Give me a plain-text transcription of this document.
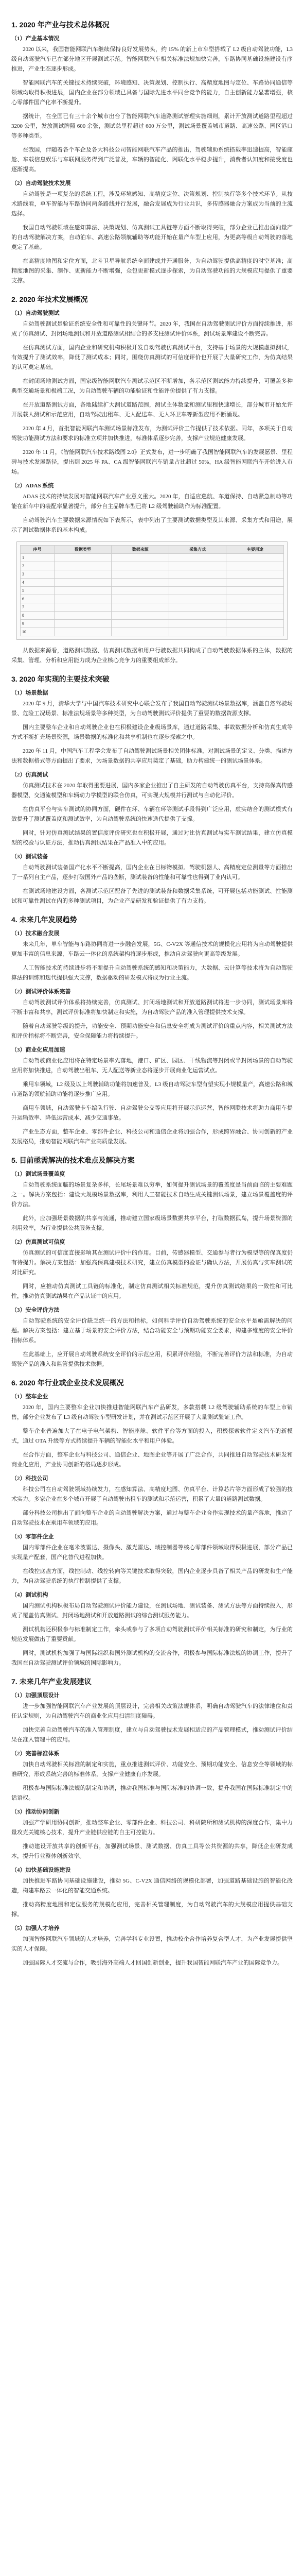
1. 2020 年产业与技术总体概况
（1）产业基本情况

2020 以来，我国智能网联汽车继续保持良好发展势头，约 15% 的新上市车型搭载了 L2 级自动驾驶功能，L3 级自动驾驶汽车已在部分地区开展测试示范。智能网联汽车相关标准法规加快完善，车路协同基础设施建设有序推进，产业生态逐步形成。

智能网联汽车的关键技术持续突破，环境感知、决策规划、控制执行、高精度地图与定位、车路协同通信等领域均取得积极进展，国内企业在部分领域已具备与国际先进水平同台竞争的能力，自主创新能力显著增强，核心零部件国产化率不断提升。

据统计，在全国已有三十余个城市出台了智能网联汽车道路测试管理实施细则，累计开放测试道路里程超过 3200 公里，发放测试牌照 600 余张，测试总里程超过 600 万公里，测试场景覆盖城市道路、高速公路、园区港口等多种类型。

在我国，伴随着各个车企及各大科技公司智能网联汽车产品的推出，驾驶辅助系统搭载率迅速提高，智能座舱、车载信息娱乐与车联网服务得到广泛普及，车辆的智能化、网联化水平稳步提升，消费者认知度和接受度也逐渐提高。

（2）自动驾驶技术发展

自动驾驶是一项复杂的系统工程，涉及环境感知、高精度定位、决策规划、控制执行等多个技术环节。从技术路线看，单车智能与车路协同两条路线并行发展，融合发展成为行业共识，多传感器融合方案成为当前的主流选择。

我国自动驾驶领域在感知算法、决策规划、仿真测试工具链等方面不断取得突破，部分企业已推出面向量产的自动驾驶解决方案，自动泊车、高速公路领航辅助等功能开始在量产车型上应用，为更高等级自动驾驶的落地奠定了基础。

在高精度地图和定位方面，北斗卫星导航系统全面建成并开通服务，为自动驾驶提供高精度的时空基准；高精度地图的采集、制作、更新能力不断增强，众包更新模式逐步探索，为自动驾驶功能的大规模应用提供了重要支撑。

2. 2020 年技术发展概况
（1）自动驾驶测试

自动驾驶测试是验证系统安全性和可靠性的关键环节。2020 年，我国在自动驾驶测试评价方面持续推进，形成了仿真测试、封闭场地测试和开放道路测试相结合的多支柱测试评价体系，测试场景库建设不断完善。

在仿真测试方面，国内企业和研究机构积极开发自动驾驶仿真测试平台，支持基于场景的大规模虚拟测试，有效提升了测试效率，降低了测试成本；同时，围绕仿真测试的可信度评价也开展了大量研究工作，为仿真结果的认可奠定基础。

在封闭场地测试方面，国家级智能网联汽车测试示范区不断增加，各示范区测试能力持续提升，可覆盖多种典型交通场景和极端工况，为自动驾驶车辆的功能验证和性能评价提供了有力支撑。

在开放道路测试方面，各地陆续扩大测试道路范围，测试主体数量和测试里程快速增长，部分城市开始允许开展载人测试和示范应用，自动驾驶出租车、无人配送车、无人环卫车等新型应用不断涌现。

2020 年 4 月，首批智能网联汽车测试场景标准发布，为测试评价工作提供了技术依据。同年，多项关于自动驾驶功能测试方法和要求的标准立项并加快推进，标准体系逐步完善，支撑产业规范健康发展。

2020 年 11 月，《智能网联汽车技术路线图 2.0》正式发布，进一步明确了我国智能网联汽车的发展愿景、里程碑与技术发展路径，提出到 2025 年 PA、CA 级智能网联汽车销量占比超过 50%，HA 级智能网联汽车开始进入市场。

（2）ADAS 系统

ADAS 技术的持续发展对智能网联汽车产业意义重大。2020 年，自适应巡航、车道保持、自动紧急制动等功能在新车中的装配率显著提升，部分自主品牌车型已将 L2 级驾驶辅助作为标准配置。

自动驾驶汽车主要数据来源情况如下表所示，表中列出了主要测试数据类型及其来源、采集方式和用途，展示了测试数据体系的基本构成。

序号	数据类型	数据来源	采集方式	主要用途
1				
2				
3				
4				
5				
6				
7				
8				
9				
10				

从数据来源看，道路测试数据、仿真测试数据和用户行驶数据共同构成了自动驾驶数据体系的主体，数据的采集、管理、分析和应用能力成为企业核心竞争力的重要组成部分。

3. 2020 年实现的主要技术突破
（1）场景数据

2020 年 9 月，清华大学与中国汽车技术研究中心联合发布了我国自动驾驶测试场景数据库，涵盖自然驾驶场景、危险工况场景、标准法规场景等多种类型，为自动驾驶测试评价提供了重要的数据资源支撑。

国内主要整车企业和自动驾驶企业也在积极建设企业级场景库，通过道路采集、事故数据分析和仿真生成等方式不断扩充场景资源，场景数据的标准化和共享机制也在逐步探索之中。

2020 年 11 月，中国汽车工程学会发布了自动驾驶测试场景相关团体标准，对测试场景的定义、分类、描述方法和数据格式等方面提出了要求，为场景数据的共享应用奠定了基础，助力构建统一的测试场景体系。

（2）仿真测试

仿真测试技术在 2020 年取得重要进展，国内多家企业推出了自主研发的自动驾驶仿真平台，支持高保真传感器模型、交通流模型和车辆动力学模型的联合仿真，可实现大规模并行测试与自动化评价。

在仿真平台与实车测试的协同方面，硬件在环、车辆在环等测试手段得到广泛应用，虚实结合的测试模式有效提升了测试覆盖度和测试效率，为自动驾驶系统的快速迭代提供了支撑。

同时，针对仿真测试结果的置信度评价研究也在积极开展，通过对比仿真测试与实车测试结果，建立仿真模型的校验与认证方法，推动仿真测试结果在产品准入中的应用。

（3）测试装备

自动驾驶测试装备国产化水平不断提高，国内企业在目标物模拟、驾驶机器人、高精度定位测量等方面推出了一系列自主产品，逐步打破国外产品的垄断，测试装备的性能和可靠性也得到了业内认可。

在测试场地建设方面，各测试示范区配备了先进的测试装备和数据采集系统，可开展包括功能测试、性能测试和可靠性测试在内的多种测试项目，为企业产品研发和验证提供了有力支持。

4. 未来几年发展趋势
（1）技术融合发展

未来几年，单车智能与车路协同将进一步融合发展，5G、C-V2X 等通信技术的规模化应用将为自动驾驶提供更加丰富的信息来源，车路云一体化的系统架构将逐步形成，推动自动驾驶向更高等级发展。

人工智能技术的持续进步将不断提升自动驾驶系统的感知和决策能力，大数据、云计算等技术将为自动驾驶算法的训练和迭代提供强大支撑，数据驱动的研发模式将成为行业主流。

（2）测试评价体系完善

自动驾驶测试评价体系将持续完善，仿真测试、封闭场地测试和开放道路测试将进一步协同，测试场景库将不断丰富和共享，测试评价标准将加快制定和实施，为自动驾驶产品的准入管理提供技术支撑。

随着自动驾驶等级的提升，功能安全、预期功能安全和信息安全将成为测试评价的重点内容，相关测试方法和评价指标将不断完善，安全保障能力将持续提升。

（3）商业化应用加速

自动驾驶商业化应用将在特定场景率先落地，港口、矿区、园区、干线物流等封闭或半封闭场景的自动驾驶应用将加快推进，自动驾驶出租车、无人配送等新业态将逐步开展商业化运营试点。

乘用车领域，L2 级及以上驾驶辅助功能将加速普及，L3 级自动驾驶车型有望实现小规模量产，高速公路和城市道路的领航辅助功能将逐步推广应用。

商用车领域，自动驾驶卡车编队行驶、自动驾驶公交等应用将开展示范运营，智能网联技术将助力商用车提升运输效率、降低运营成本、减少交通事故。

产业生态方面，整车企业、零部件企业、科技公司和通信企业将加强合作，形成跨界融合、协同创新的产业发展格局，推动智能网联汽车产业高质量发展。

5. 目前亟需解决的技术难点及解决方案
（1）测试场景覆盖度

自动驾驶系统面临的场景复杂多样，长尾场景难以穷举，如何提升测试场景的覆盖度是当前面临的主要难题之一。解决方案包括：建设大规模场景数据库，利用人工智能技术自动生成关键测试场景，建立场景覆盖度的评价方法。

此外，应加强场景数据的共享与流通，推动建立国家级场景数据共享平台，打破数据孤岛，提升场景资源的利用效率，为行业提供公共服务支撑。

（2）仿真测试可信度

仿真测试的可信度直接影响其在测试评价中的作用。目前，传感器模型、交通参与者行为模型等的保真度仍有待提升。解决方案包括：加强高保真建模技术研究，建立仿真模型的验证与确认方法，开展仿真与实车测试的对比研究。

同时，应推动仿真测试工具链的标准化，制定仿真测试相关标准规范，提升仿真测试结果的一致性和可比性，推动仿真测试结果在产品认证中的应用。

（3）安全评价方法

自动驾驶系统的安全评价缺乏统一的方法和指标，如何科学评价自动驾驶系统的安全水平是亟需解决的问题。解决方案包括：建立基于场景的安全评价方法，结合功能安全与预期功能安全要求，构建多维度的安全评价指标体系。

在此基础上，应开展自动驾驶系统安全评价的示范应用，积累评价经验，不断完善评价方法和标准，为自动驾驶产品的准入和监管提供技术依据。

6. 2020 年行业或企业技术发展概况
（1）整车企业

2020 年，国内主要整车企业加快推进智能网联汽车产品研发，多款搭载 L2 级驾驶辅助系统的车型上市销售，部分企业发布了 L3 级自动驾驶车型研发计划，并在测试示范区开展了大量测试验证工作。

整车企业普遍加大了在电子电气架构、智能座舱、软件平台等方面的投入，积极探索软件定义汽车的新模式，通过 OTA 升级等方式持续提升车辆的智能化水平和用户体验。

在合作方面，整车企业与科技公司、通信企业、地图企业等开展了广泛合作，共同推进自动驾驶技术研发和商业化应用，产业协同创新的格局逐步形成。

（2）科技公司

科技公司在自动驾驶领域持续发力，在感知算法、高精度地图、仿真平台、计算芯片等方面形成了较强的技术实力。多家企业在多个城市开展了自动驾驶出租车的测试和示范运营，积累了大量的道路测试数据。

部分科技公司推出了面向整车企业的自动驾驶解决方案，通过与整车企业合作实现技术的量产落地，推动了自动驾驶技术在乘用车领域的应用。

（3）零部件企业

国内零部件企业在毫米波雷达、摄像头、激光雷达、域控制器等核心零部件领域取得积极进展，部分产品已实现量产配套，国产化替代进程加快。

在线控底盘方面，线控制动、线控转向等关键技术取得突破，国内企业逐步具备了相关产品的研发和生产能力，为自动驾驶系统的执行控制提供了支撑。

（4）测试机构

国内测试机构积极布局自动驾驶测试评价能力建设，在测试场地、测试装备、测试方法等方面持续投入，形成了覆盖仿真测试、封闭场地测试和开放道路测试的综合测试服务能力。

测试机构还积极参与标准制定工作，牵头或参与了多项自动驾驶测试评价相关标准的研究和制定，为行业的规范发展做出了重要贡献。

同时，测试机构加强了与国际组织和国外测试机构的交流合作，积极参与国际标准法规的协调工作，提升了我国在自动驾驶测试评价领域的国际影响力。

7. 未来几年产业发展建议
（1）加强顶层设计

进一步加强智能网联汽车产业发展的顶层设计，完善相关政策法规体系，明确自动驾驶汽车的法律地位和责任认定规则，为自动驾驶汽车的商业化应用扫清制度障碍。

加快完善自动驾驶汽车的准入管理制度，建立与自动驾驶技术发展相适应的产品管理模式，推动测试评价结果在准入管理中的应用。

（2）完善标准体系

加快自动驾驶相关标准的制定和实施，重点推进测试评价、功能安全、预期功能安全、信息安全等领域的标准研究，形成系统完善的标准体系，支撑产业健康有序发展。

积极参与国际标准法规的制定和协调，推动我国标准与国际标准的协调一致，提升我国在国际标准制定中的话语权。

（3）推动协同创新

加强产学研用协同创新，推动整车企业、零部件企业、科技公司、科研院所和测试机构的深度合作，集中力量攻克关键核心技术，提升产业链供应链的自主可控能力。

推动建设开放共享的创新平台，加强测试场景、测试数据、仿真工具等公共资源的共享，降低企业研发成本，提升行业整体创新效率。

（4）加快基础设施建设

加快推进车路协同基础设施建设，推动 5G、C-V2X 通信网络的规模化部署，加强道路基础设施的智能化改造，构建车路云一体化的智能交通系统。

推动高精度地图和定位服务的规模化应用，完善相关管理制度，为自动驾驶汽车的大规模应用提供基础支撑。

（5）加强人才培养

加强智能网联汽车领域的人才培养，完善学科专业设置，推动校企合作培养复合型人才，为产业发展提供坚实的人才保障。

加强国际人才交流与合作，吸引海外高端人才回国创新创业，提升我国智能网联汽车产业的国际竞争力。
